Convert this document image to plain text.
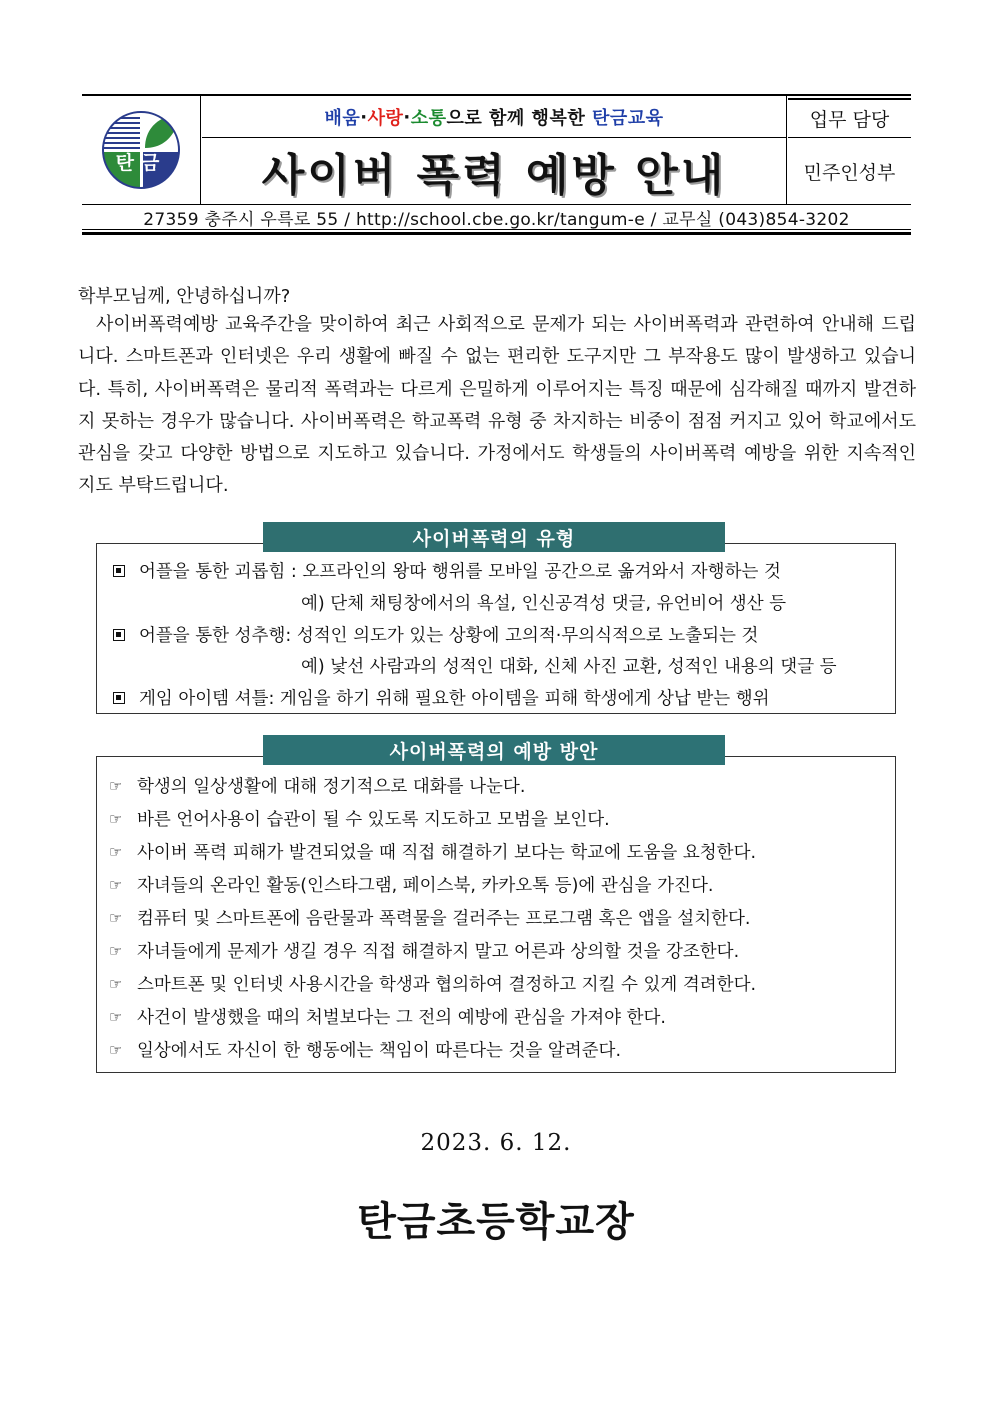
탄금
배움 · 사랑 · 소통 으로 함께 행복한 탄금교육
사이버 폭력 예방 안내
업무 담당
민주인성부
27359 충주시 우륵로 55 / http://school.cbe.go.kr/tangum-e / 교무실 (043)854-3202
학부모님께, 안녕하십니까?
사이버폭력예방 교육주간을 맞이하여 최근 사회적으로 문제가 되는 사이버폭력과 관련하여 안내해 드립니다. 스마트폰과 인터넷은 우리 생활에 빠질 수 없는 편리한 도구지만 그 부작용도 많이 발생하고 있습니다. 특히, 사이버폭력은 물리적 폭력과는 다르게 은밀하게 이루어지는 특징 때문에 심각해질 때까지 발견하지 못하는 경우가 많습니다. 사이버폭력은 학교폭력 유형 중 차지하는 비중이 점점 커지고 있어 학교에서도 관심을 갖고 다양한 방법으로 지도하고 있습니다. 가정에서도 학생들의 사이버폭력 예방을 위한 지속적인 지도 부탁드립니다.
어플을 통한 괴롭힘 : 오프라인의 왕따 행위를 모바일 공간으로 옮겨와서 자행하는 것
예) 단체 채팅창에서의 욕설, 인신공격성 댓글, 유언비어 생산 등
어플을 통한 성추행: 성적인 의도가 있는 상황에 고의적·무의식적으로 노출되는 것
예) 낯선 사람과의 성적인 대화, 신체 사진 교환, 성적인 내용의 댓글 등
게임 아이템 셔틀: 게임을 하기 위해 필요한 아이템을 피해 학생에게 상납 받는 행위
사이버폭력의 유형
☞ 학생의 일상생활에 대해 정기적으로 대화를 나눈다.
☞ 바른 언어사용이 습관이 될 수 있도록 지도하고 모범을 보인다.
☞ 사이버 폭력 피해가 발견되었을 때 직접 해결하기 보다는 학교에 도움을 요청한다.
☞ 자녀들의 온라인 활동(인스타그램, 페이스북, 카카오톡 등)에 관심을 가진다.
☞ 컴퓨터 및 스마트폰에 음란물과 폭력물을 걸러주는 프로그램 혹은 앱을 설치한다.
☞ 자녀들에게 문제가 생길 경우 직접 해결하지 말고 어른과 상의할 것을 강조한다.
☞ 스마트폰 및 인터넷 사용시간을 학생과 협의하여 결정하고 지킬 수 있게 격려한다.
☞ 사건이 발생했을 때의 처벌보다는 그 전의 예방에 관심을 가져야 한다.
☞ 일상에서도 자신이 한 행동에는 책임이 따른다는 것을 알려준다.
사이버폭력의 예방 방안
2023. 6. 12.
탄금초등학교장
